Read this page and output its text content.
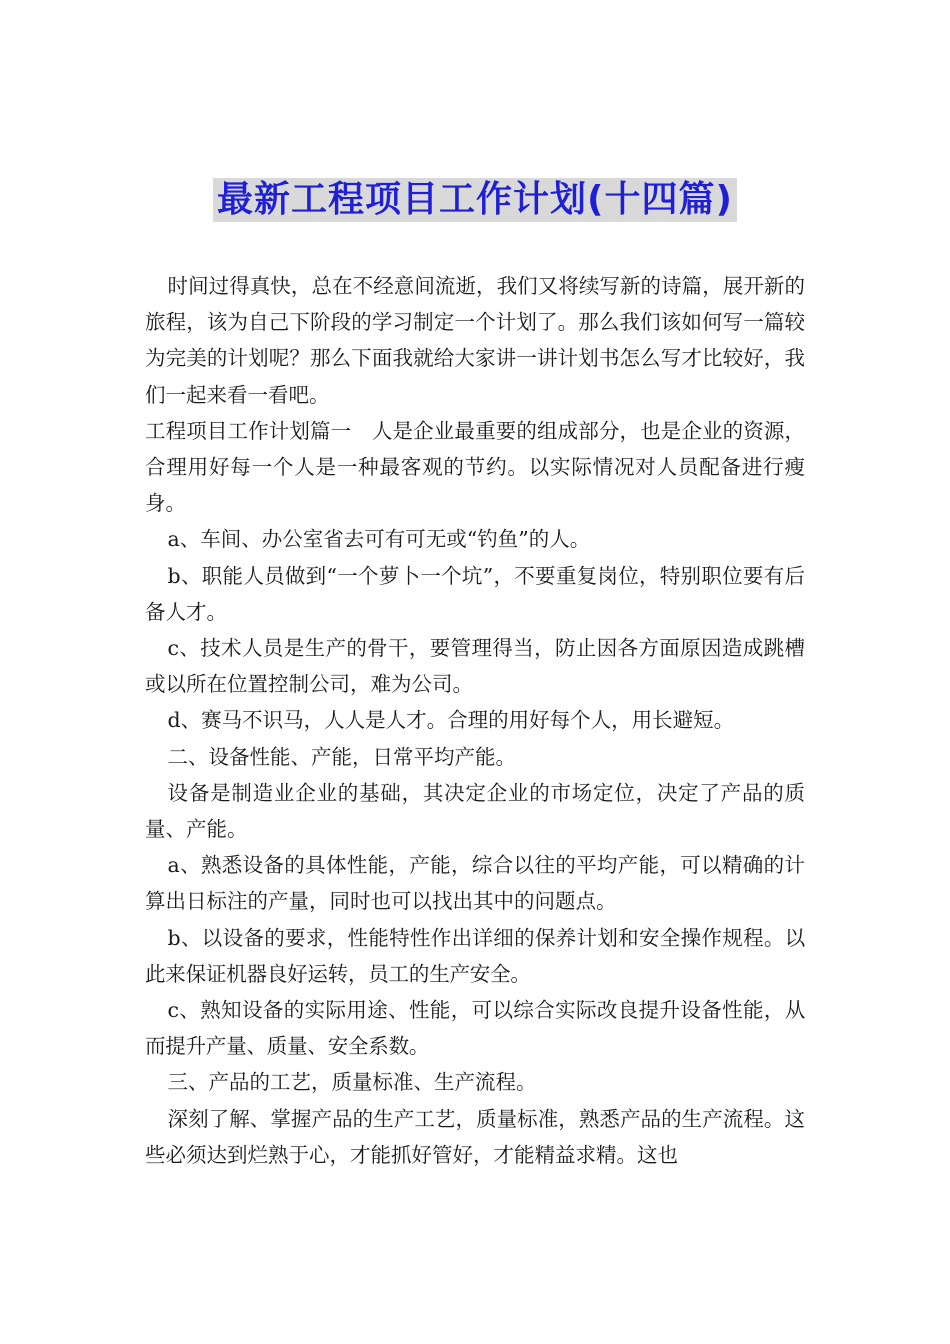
最新工程项目工作计划(十四篇)

时间过得真快，总在不经意间流逝，我们又将续写新的诗篇，展开新的旅程，该为自己下阶段的学习制定一个计划了。那么我们该如何写一篇较为完美的计划呢？那么下面我就给大家讲一讲计划书怎么写才比较好，我们一起来看一看吧。

工程项目工作计划篇一　人是企业最重要的组成部分，也是企业的资源，合理用好每一个人是一种最客观的节约。以实际情况对人员配备进行瘦身。

a、车间、办公室省去可有可无或“钓鱼”的人。

b、职能人员做到“一个萝卜一个坑”，不要重复岗位，特别职位要有后备人才。

c、技术人员是生产的骨干，要管理得当，防止因各方面原因造成跳槽或以所在位置控制公司，难为公司。

d、赛马不识马，人人是人才。合理的用好每个人，用长避短。

二、设备性能、产能，日常平均产能。

设备是制造业企业的基础，其决定企业的市场定位，决定了产品的质量、产能。

a、熟悉设备的具体性能，产能，综合以往的平均产能，可以精确的计算出日标注的产量，同时也可以找出其中的问题点。

b、以设备的要求，性能特性作出详细的保养计划和安全操作规程。以此来保证机器良好运转，员工的生产安全。

c、熟知设备的实际用途、性能，可以综合实际改良提升设备性能，从而提升产量、质量、安全系数。

三、产品的工艺，质量标准、生产流程。

深刻了解、掌握产品的生产工艺，质量标准，熟悉产品的生产流程。这些必须达到烂熟于心，才能抓好管好，才能精益求精。这也
